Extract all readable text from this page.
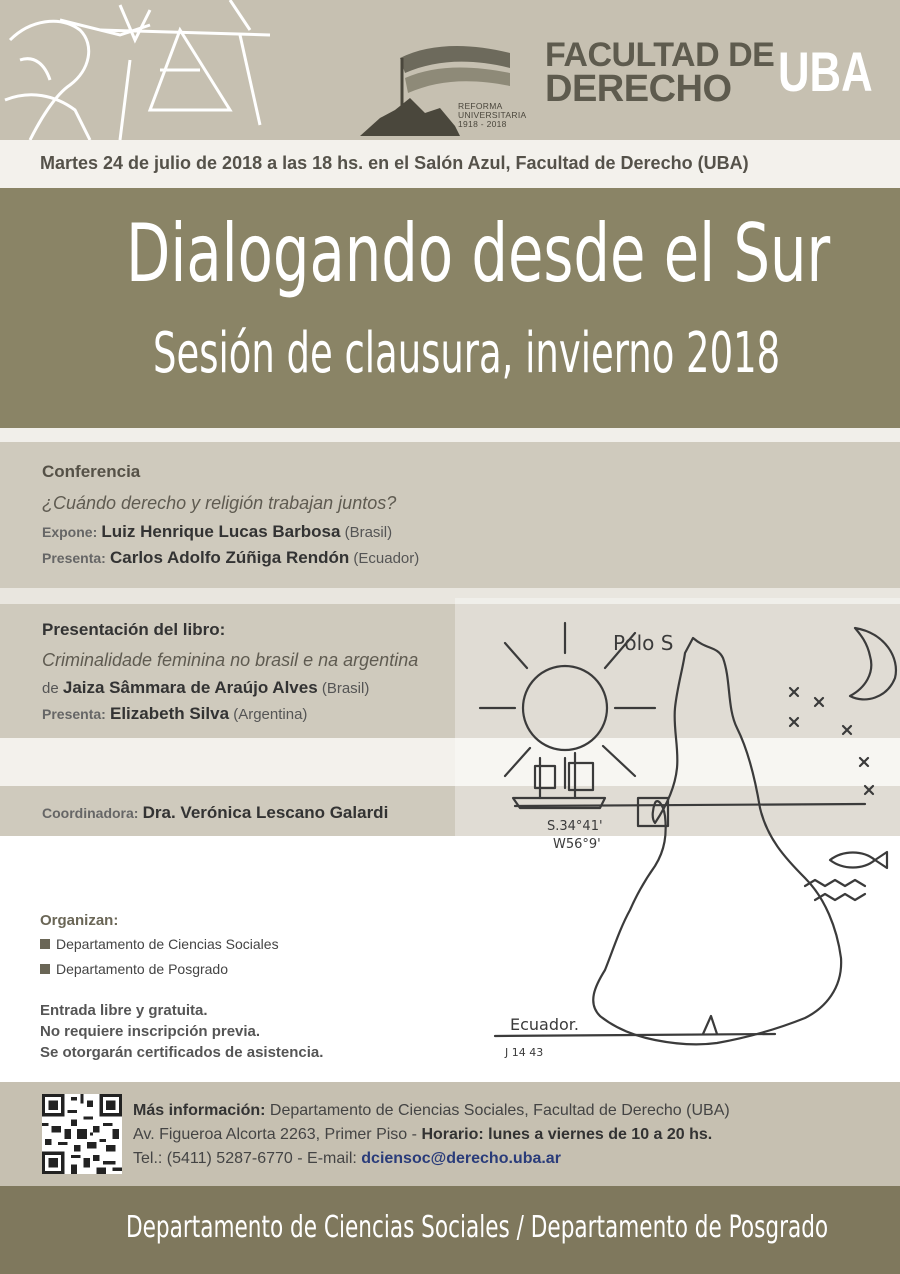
REFORMA
UNIVERSITARIA
1918 - 2018
FACULTAD DE
DERECHO UBA
Martes 24 de julio de 2018 a las 18 hs. en el Salón Azul, Facultad de Derecho (UBA)
Dialogando desde el Sur
Sesión de clausura, invierno 2018
Conferencia
¿Cuándo derecho y religión trabajan juntos?
Expone: Luiz Henrique Lucas Barbosa (Brasil)
Presenta: Carlos Adolfo Zúñiga Rendón (Ecuador)
Presentación del libro:
Criminalidade feminina no brasil e na argentina
de Jaiza Sâmmara de Araújo Alves (Brasil)
Presenta: Elizabeth Silva (Argentina)
Coordinadora: Dra. Verónica Lescano Galardi
Polo S
S.34°41'
W56°9'
Ecuador.
J 14 43
Organizan:
Departamento de Ciencias Sociales
Departamento de Posgrado
Entrada libre y gratuita.
No requiere inscripción previa.
Se otorgarán certificados de asistencia.
Más información: Departamento de Ciencias Sociales, Facultad de Derecho (UBA)
Av. Figueroa Alcorta 2263, Primer Piso - Horario: lunes a viernes de 10 a 20 hs.
Tel.: (5411) 5287-6770 - E-mail: dciensoc@derecho.uba.ar
Departamento de Ciencias Sociales / Departamento de Posgrado
